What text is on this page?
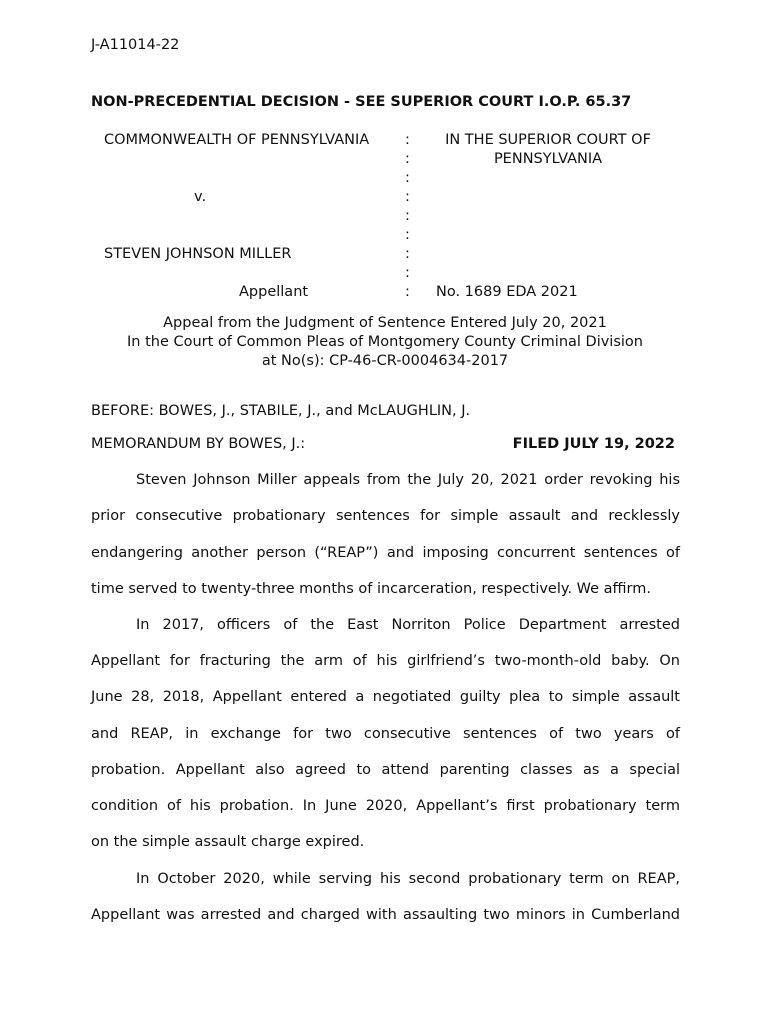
J-A11014-22

NON-PRECEDENTIAL DECISION - SEE SUPERIOR COURT I.O.P. 65.37

COMMONWEALTH OF PENNSYLVANIA

v.

STEVEN JOHNSON MILLER

Appellant

:

:

:

:

:

:

:

:

:

IN THE SUPERIOR COURT OF

PENNSYLVANIA

No. 1689 EDA 2021

Appeal from the Judgment of Sentence Entered July 20, 2021

In the Court of Common Pleas of Montgomery County Criminal Division

at No(s): CP-46-CR-0004634-2017

BEFORE: BOWES, J., STABILE, J., and McLAUGHLIN, J.

MEMORANDUM BY BOWES, J.:	FILED JULY 19, 2022

Steven Johnson Miller appeals from the July 20, 2021 order revoking his

prior consecutive probationary sentences for simple assault and recklessly

endangering another person (“REAP”) and imposing concurrent sentences of

time served to twenty-three months of incarceration, respectively. We affirm.

In 2017, officers of the East Norriton Police Department arrested

Appellant for fracturing the arm of his girlfriend’s two-month-old baby. On

June 28, 2018, Appellant entered a negotiated guilty plea to simple assault

and REAP, in exchange for two consecutive sentences of two years of

probation. Appellant also agreed to attend parenting classes as a special

condition of his probation. In June 2020, Appellant’s first probationary term

on the simple assault charge expired.

In October 2020, while serving his second probationary term on REAP,

Appellant was arrested and charged with assaulting two minors in Cumberland
